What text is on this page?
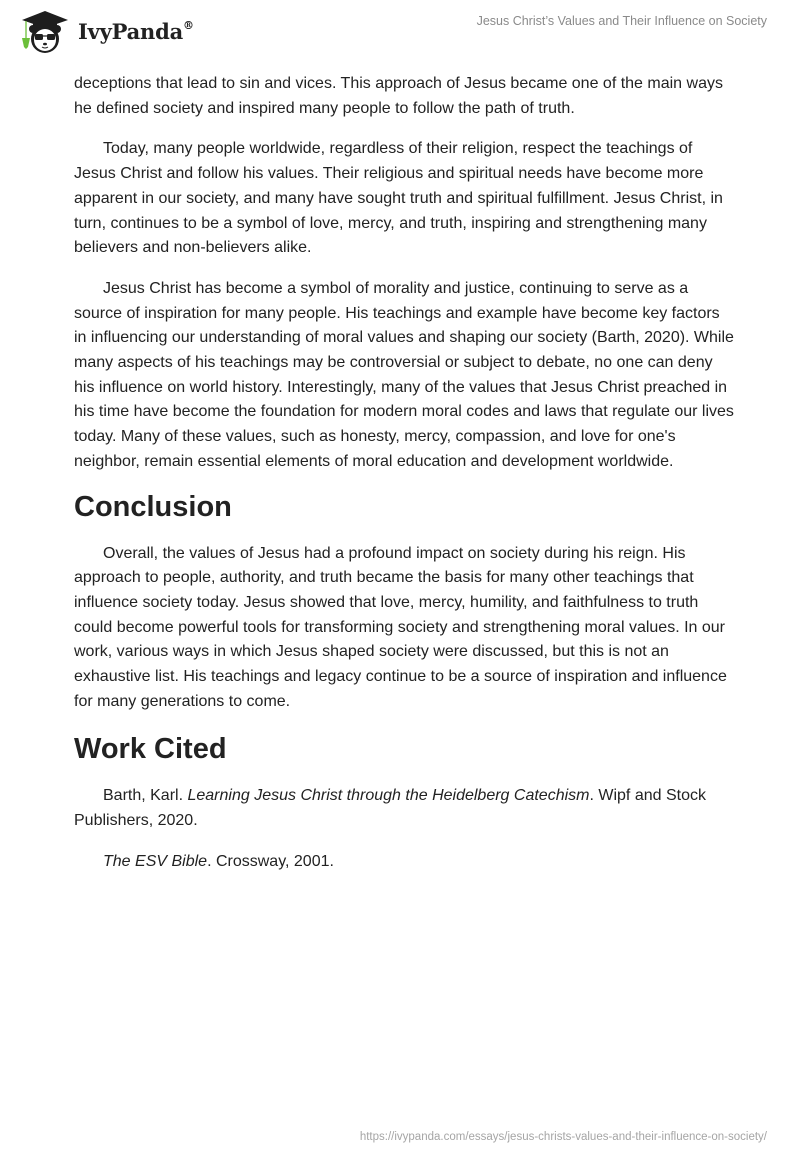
IvyPanda®	Jesus Christ’s Values and Their Influence on Society

deceptions that lead to sin and vices. This approach of Jesus became one of the main ways he defined society and inspired many people to follow the path of truth.

Today, many people worldwide, regardless of their religion, respect the teachings of Jesus Christ and follow his values. Their religious and spiritual needs have become more apparent in our society, and many have sought truth and spiritual fulfillment. Jesus Christ, in turn, continues to be a symbol of love, mercy, and truth, inspiring and strengthening many believers and non-believers alike.

Jesus Christ has become a symbol of morality and justice, continuing to serve as a source of inspiration for many people. His teachings and example have become key factors in influencing our understanding of moral values and shaping our society (Barth, 2020). While many aspects of his teachings may be controversial or subject to debate, no one can deny his influence on world history. Interestingly, many of the values that Jesus Christ preached in his time have become the foundation for modern moral codes and laws that regulate our lives today. Many of these values, such as honesty, mercy, compassion, and love for one's neighbor, remain essential elements of moral education and development worldwide.

Conclusion

Overall, the values of Jesus had a profound impact on society during his reign. His approach to people, authority, and truth became the basis for many other teachings that influence society today. Jesus showed that love, mercy, humility, and faithfulness to truth could become powerful tools for transforming society and strengthening moral values. In our work, various ways in which Jesus shaped society were discussed, but this is not an exhaustive list. His teachings and legacy continue to be a source of inspiration and influence for many generations to come.

Work Cited

Barth, Karl. Learning Jesus Christ through the Heidelberg Catechism. Wipf and Stock Publishers, 2020.

The ESV Bible. Crossway, 2001.

https://ivypanda.com/essays/jesus-christs-values-and-their-influence-on-society/
